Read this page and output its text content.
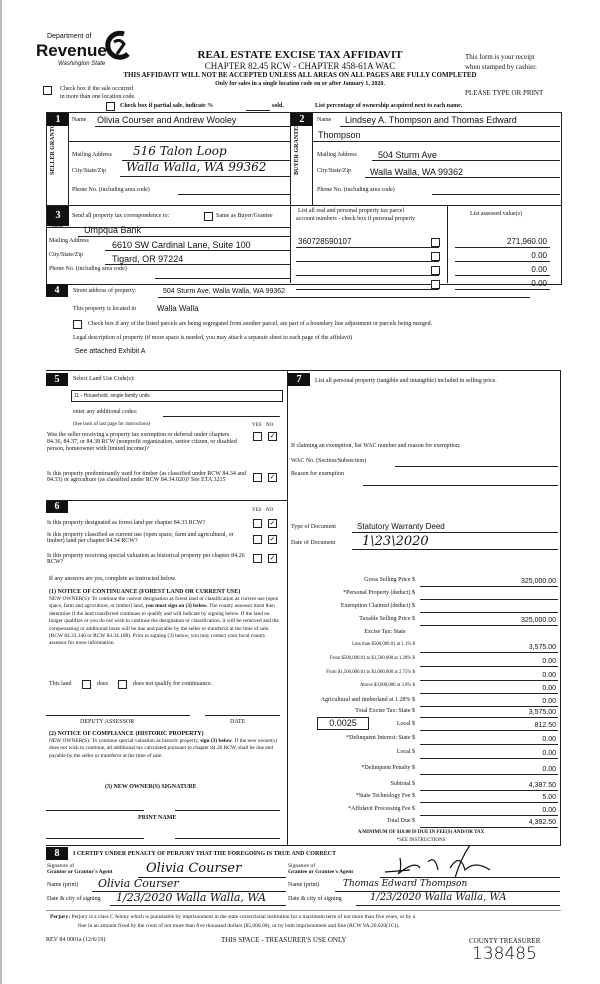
Department of
Revenue
Washington State
REAL ESTATE EXCISE TAX AFFIDAVIT
CHAPTER 82.45 RCW - CHAPTER 458-61A WAC
THIS AFFIDAVIT WILL NOT BE ACCEPTED UNLESS ALL AREAS ON ALL PAGES ARE FULLY COMPLETED
Only for sales in a single location code on or after January 1, 2020.
This form is your receipt
when stamped by cashier.
Check box if the sale occurred
in more than one location code.	PLEASE TYPE OR PRINT
Check box if partial sale, indicate %	sold.	List percentage of ownership acquired next to each name.
1
SELLER GRANTOR	Name Olivia Courser and Andrew Wooley
Mailing Address 516 Talon Loop
City/State/Zip Walla Walla, WA 99362
Phone No. (including area code)
2
BUYER GRANTEE
Name Lindsey A. Thompson and Thomas Edward
Thompson
Mailing Address 504 Sturm Ave
City/State/Zip Walla Walla, WA 99362
Phone No. (including area code)
3	Send all property tax correspondence to:	Same as Buyer/Grantee
List all real and personal property tax parcel
account numbers - check box if personal property
List assessed value(s)
Name Umpqua Bank
Mailing Address	6610 SW Cardinal Lane, Suite 100
City/State/Zip	Tigard, OR 97224
Phone No. (including area code)
360728590107	271,960.00
0.00
0.00
0.00
4	Street address of property:	504 Sturm Ave, Walla Walla, WA 99362
This property is located in	Walla Walla
Check box if any of the listed parcels are being segregated from another parcel, are part of a boundary line adjustment or parcels being merged.
Legal description of property (if more space is needed, you may attach a separate sheet to each page of the affidavit)
See attached Exhibit A
5	Select Land Use Code(s):
11 - Household, single family units
enter any additional codes:
(See back of last page for instructions)	YES NO
Was the seller receiving a property tax exemption or deferral under chapters 84.36, 84.37, or 84.38 RCW (nonprofit organization, senior citizen, or disabled person, homeowner with limited income)?
✓
Is this property predominantly used for timber (as classified under RCW 84.34 and 84.33) or agriculture (as classified under RCW 84.34.020)? See ETA 3215	✓
6	YES NO
Is this property designated as forest land per chapter 84.33 RCW?	✓
Is this property classified as current use (open space, farm and agricultural, or timber) land per chapter 84.34 RCW?	✓
Is this property receiving special valuation as historical property per chapter 84.26 RCW?	✓
If any answers are yes, complete as instructed below.
(1) NOTICE OF CONTINUANCE (FOREST LAND OR CURRENT USE)
NEW OWNER(S): To continue the current designation as forest land or classification as current use (open space, farm and agriculture, or timber) land, you must sign on (3) below. The county assessor must then determine if the land transferred continues to qualify and will indicate by signing below. If the land no longer qualifies or you do not wish to continue the designation or classification, it will be removed and the compensating or additional taxes will be due and payable by the seller or transferor at the time of sale. (RCW 84.33.140 or RCW 84.34.108). Prior to signing (3) below, you may contact your local county assessor for more information.
This land	does	does not qualify for continuance.
DEPUTY ASSESSOR	DATE
(2) NOTICE OF COMPLIANCE (HISTORIC PROPERTY)
NEW OWNER(S): To continue special valuation as historic property, sign (3) below. If the new owner(s) does not wish to continue, all additional tax calculated pursuant to chapter 84.26 RCW, shall be due and payable by the seller or transferor at the time of sale.
(3) NEW OWNER(S) SIGNATURE
PRINT NAME
7	List all personal property (tangible and intangible) included in selling price.
If claiming an exemption, list WAC number and reason for exemption:
WAC No. (Section/Subsection)
Reason for exemption
Type of Document	Statutory Warranty Deed
Date of Document 1\23\2020
0.0025
Gross Selling Price $	325,000.00
*Personal Property (deduct) $
Exemption Claimed (deduct) $
Taxable Selling Price $	325,000.00
Excise Tax: State
Less than $500,000.01 at 1.1% $	3,575.00
From $500,000.01 to $1,500,000 at 1.28% $	0.00
From $1,500,000.01 to $3,000,000 at 2.75% $	0.00
Above $3,000,000 at 3.0% $	0.00
Agricultural and timberland at 1.28% $	0.00
Total Excise Tax: State $	3,575.00
Local $	812.50
*Delinquent Interest: State $	0.00
Local $	0.00
*Delinquent Penalty $	0.00
Subtotal $	4,387.50
*State Technology Fee $	5.00
*Affidavit Processing Fee $	0.00
Total Due $	4,392.50
A MINIMUM OF $10.00 IS DUE IN FEE(S) AND/OR TAX
*SEE INSTRUCTIONS
8	I CERTIFY UNDER PENALTY OF PERJURY THAT THE FOREGOING IS TRUE AND CORRECT
Signature of
Grantor or Grantor's Agent	Olivia Courser	Signature of
Grantee or Grantee's Agent
Name (print) Olivia Courser	Name (print)	Thomas Edward Thompson
Date & city of signing 1/23/2020 Walla Walla, WA	Date & city of signing	1/23/2020 Walla Walla, WA
Perjury: Perjury is a class C felony which is punishable by imprisonment in the state correctional institution for a maximum term of not more than five years, or by a
fine in an amount fixed by the court of not more than five thousand dollars ($5,000.00), or by both imprisonment and fine (RCW 9A.20.020(1C)).
REV 84 0001a (12/6/19)	THIS SPACE - TREASURER'S USE ONLY	COUNTY TREASURER
138485
